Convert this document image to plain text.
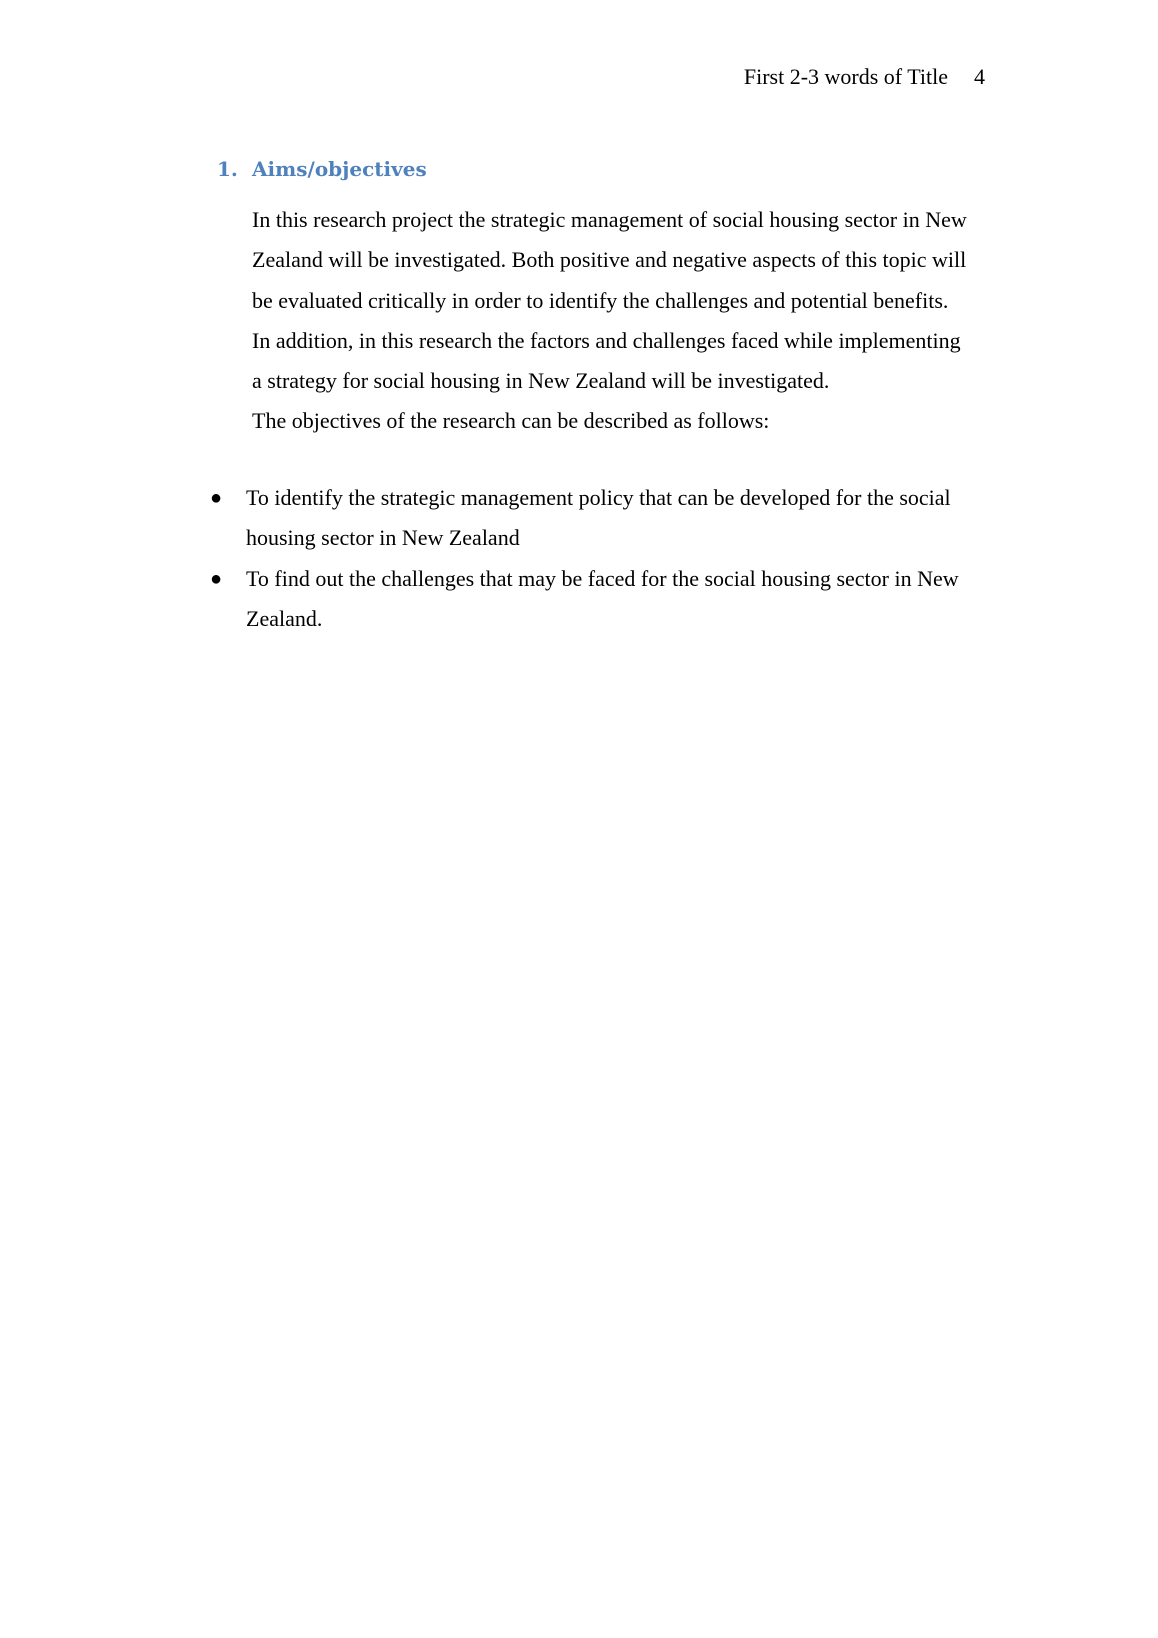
First 2-3 words of Title 4
1. Aims/objectives

In this research project the strategic management of social housing sector in New Zealand will be investigated. Both positive and negative aspects of this topic will be evaluated critically in order to identify the challenges and potential benefits. In addition, in this research the factors and challenges faced while implementing a strategy for social housing in New Zealand will be investigated.

The objectives of the research can be described as follows:

● To identify the strategic management policy that can be developed for the social housing sector in New Zealand
● To find out the challenges that may be faced for the social housing sector in New Zealand.
